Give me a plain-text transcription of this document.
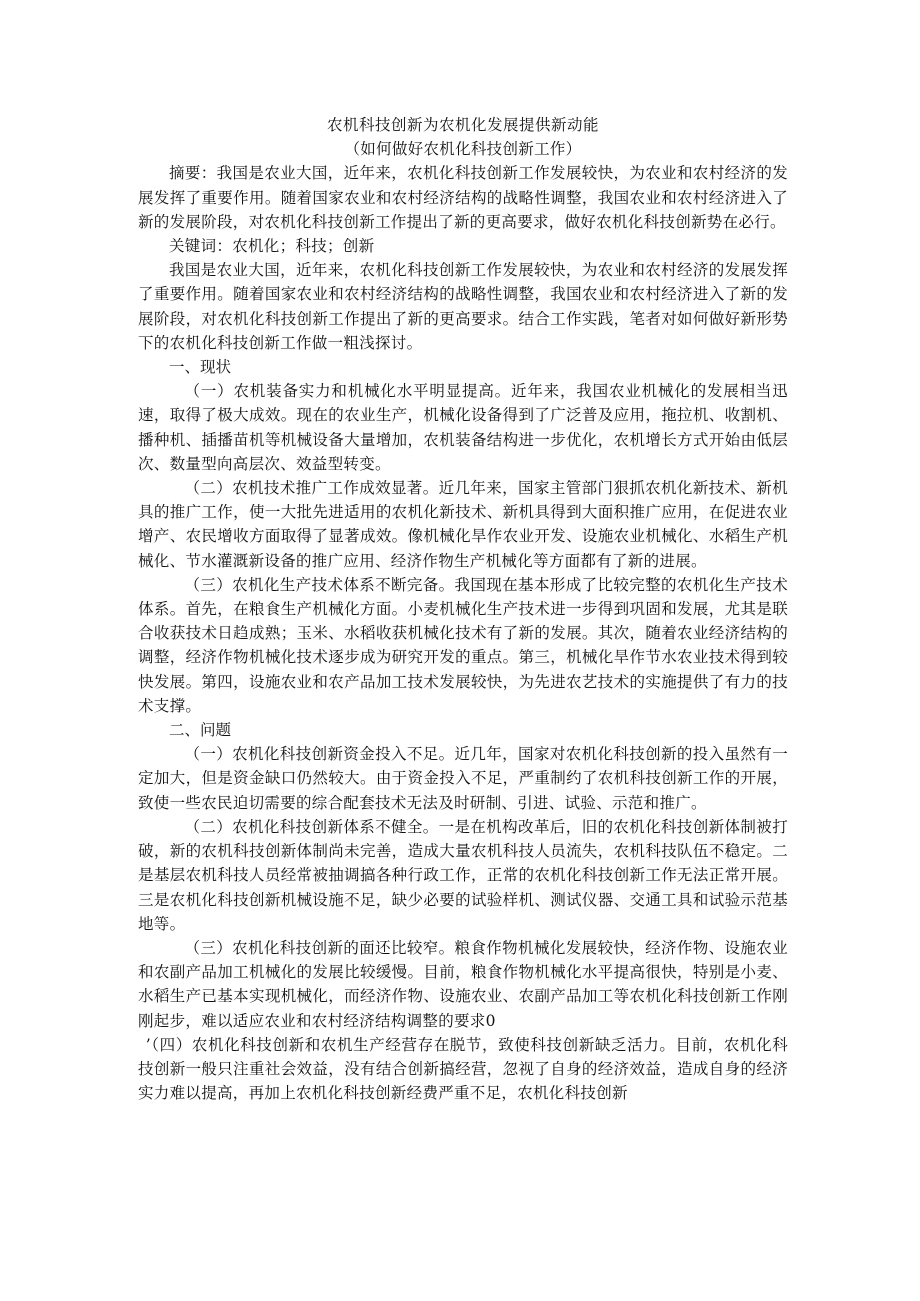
农机科技创新为农机化发展提供新动能
（如何做好农机化科技创新工作）

摘要：我国是农业大国，近年来，农机化科技创新工作发展较快，为农业和农村经济的发展发挥了重要作用。随着国家农业和农村经济结构的战略性调整，我国农业和农村经济进入了新的发展阶段，对农机化科技创新工作提出了新的更高要求，做好农机化科技创新势在必行。

关键词：农机化；科技；创新

我国是农业大国，近年来，农机化科技创新工作发展较快，为农业和农村经济的发展发挥了重要作用。随着国家农业和农村经济结构的战略性调整，我国农业和农村经济进入了新的发展阶段，对农机化科技创新工作提出了新的更高要求。结合工作实践，笔者对如何做好新形势下的农机化科技创新工作做一粗浅探讨。

一、现状

（一）农机装备实力和机械化水平明显提高。近年来，我国农业机械化的发展相当迅速，取得了极大成效。现在的农业生产，机械化设备得到了广泛普及应用，拖拉机、收割机、播种机、插播苗机等机械设备大量增加，农机装备结构进一步优化，农机增长方式开始由低层次、数量型向高层次、效益型转变。

（二）农机技术推广工作成效显著。近几年来，国家主管部门狠抓农机化新技术、新机具的推广工作，使一大批先进适用的农机化新技术、新机具得到大面积推广应用，在促进农业增产、农民增收方面取得了显著成效。像机械化旱作农业开发、设施农业机械化、水稻生产机械化、节水灌溉新设备的推广应用、经济作物生产机械化等方面都有了新的进展。

（三）农机化生产技术体系不断完备。我国现在基本形成了比较完整的农机化生产技术体系。首先，在粮食生产机械化方面。小麦机械化生产技术进一步得到巩固和发展，尤其是联合收获技术日趋成熟；玉米、水稻收获机械化技术有了新的发展。其次，随着农业经济结构的调整，经济作物机械化技术逐步成为研究开发的重点。第三，机械化旱作节水农业技术得到较快发展。第四，设施农业和农产品加工技术发展较快，为先进农艺技术的实施提供了有力的技术支撑。

二、问题

（一）农机化科技创新资金投入不足。近几年，国家对农机化科技创新的投入虽然有一定加大，但是资金缺口仍然较大。由于资金投入不足，严重制约了农机科技创新工作的开展，致使一些农民迫切需要的综合配套技术无法及时研制、引进、试验、示范和推广。

（二）农机化科技创新体系不健全。一是在机构改革后，旧的农机化科技创新体制被打破，新的农机科技创新体制尚未完善，造成大量农机科技人员流失，农机科技队伍不稳定。二是基层农机科技人员经常被抽调搞各种行政工作，正常的农机化科技创新工作无法正常开展。三是农机化科技创新机械设施不足，缺少必要的试验样机、测试仪器、交通工具和试验示范基地等。

（三）农机化科技创新的面还比较窄。粮食作物机械化发展较快，经济作物、设施农业和农副产品加工机械化的发展比较缓慢。目前，粮食作物机械化水平提高很快，特别是小麦、水稻生产已基本实现机械化，而经济作物、设施农业、农副产品加工等农机化科技创新工作刚刚起步，难以适应农业和农村经济结构调整的要求0

’（四）农机化科技创新和农机生产经营存在脱节，致使科技创新缺乏活力。目前，农机化科技创新一般只注重社会效益，没有结合创新搞经营，忽视了自身的经济效益，造成自身的经济实力难以提高，再加上农机化科技创新经费严重不足，农机化科技创新
